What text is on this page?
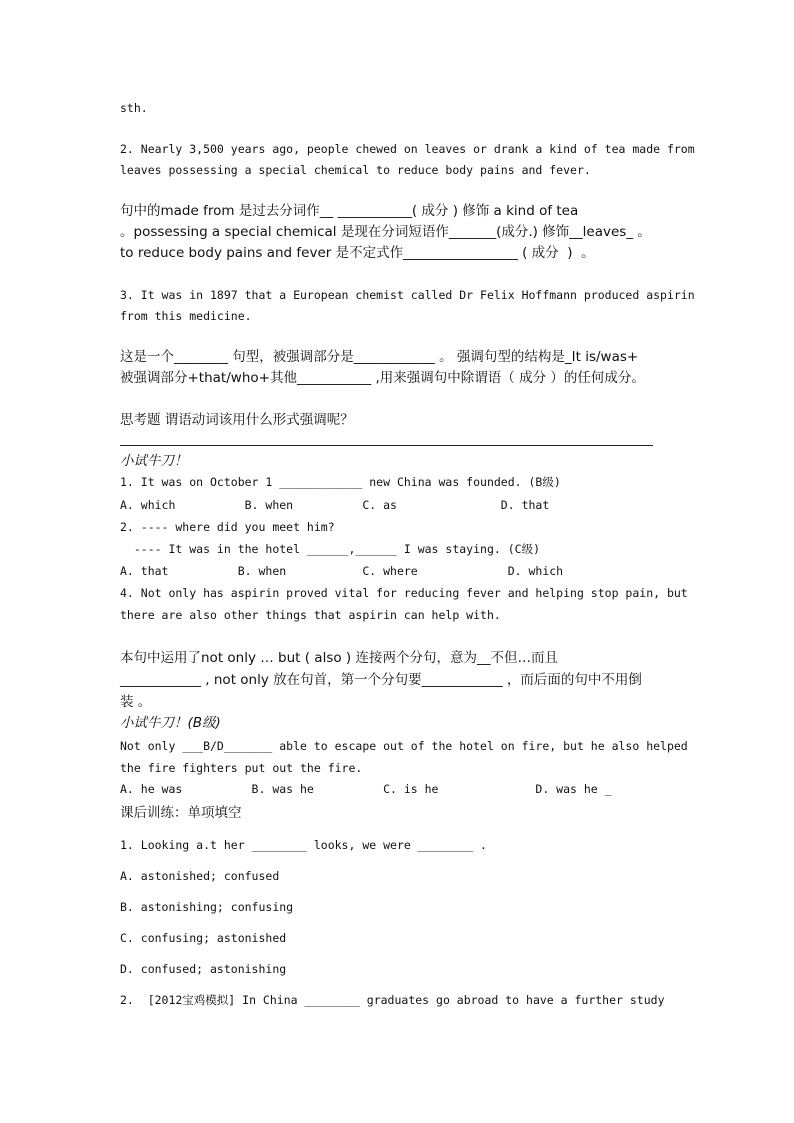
sth.
2. Nearly 3,500 years ago, people chewed on leaves or drank a kind of tea made from
leaves possessing a special chemical to reduce body pains and fever.
句中的made from 是过去分词作__ ___________( 成分 ) 修饰 a kind of tea
。possessing a special chemical 是现在分词短语作_______(成分.) 修饰__leaves_ 。
to reduce body pains and fever 是不定式作_________________ ( 成分  )  。
3. It was in 1897 that a European chemist called Dr Felix Hoffmann produced aspirin
from this medicine.
这是一个________ 句型，被强调部分是____________ 。 强调句型的结构是_It is/was+
被强调部分+that/who+其他___________ ,用来强调句中除谓语（ 成分 ）的任何成分。
思考题 谓语动词该用什么形式强调呢？
小试牛刀！
1. It was on October 1 ____________ new China was founded. (B级)
A. which          B. when          C. as               D. that
2. ---- where did you meet him?
---- It was in the hotel ______,______ I was staying. (C级)
A. that          B. when           C. where             D. which
4. Not only has aspirin proved vital for reducing fever and helping stop pain, but
there are also other things that aspirin can help with.
本句中运用了not only … but ( also ) 连接两个分句，意为__不但…而且
____________ , not only 放在句首，第一个分句要____________ ，而后面的句中不用倒
装 。
小试牛刀！(B级)
Not only ___B/D_______ able to escape out of the hotel on fire, but he also helped
the fire fighters put out the fire.
A. he was          B. was he          C. is he              D. was he _
课后训练：单项填空
1. Looking a.t her ________ looks, we were ________ .
A. astonished; confused
B. astonishing; confusing
C. confusing; astonished
D. confused; astonishing
2.  [2012宝鸡模拟] In China ________ graduates go abroad to have a further study
